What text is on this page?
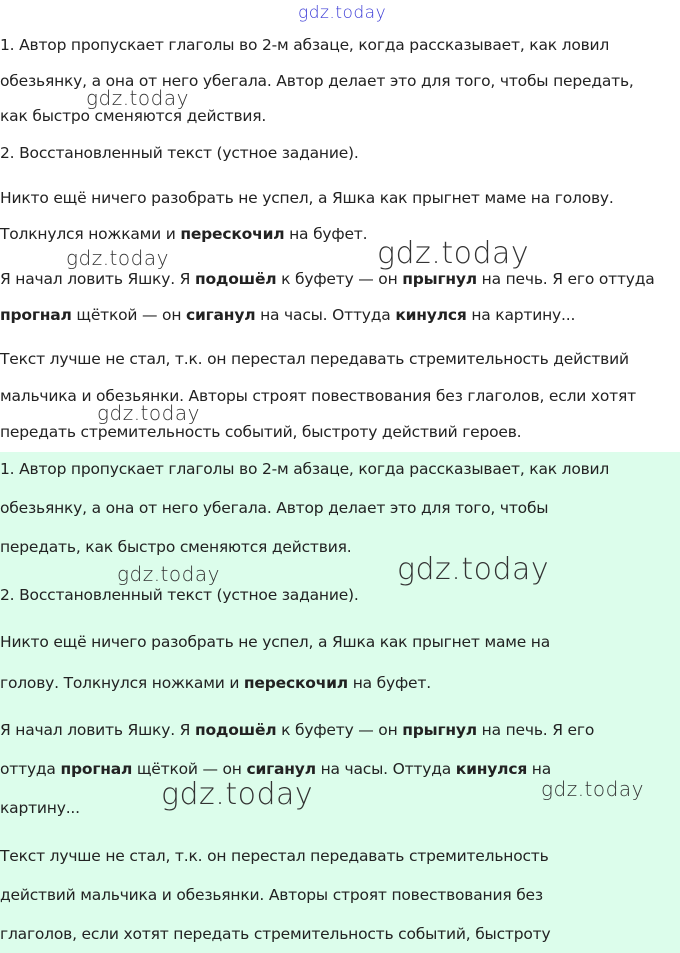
1. Автор пропускает глаголы во 2-м абзаце, когда рассказывает, как ловил
обезьянку, а она от него убегала. Автор делает это для того, чтобы передать,
как быстро сменяются действия.
2. Восстановленный текст (устное задание).
Никто ещё ничего разобрать не успел, а Яшка как прыгнет маме на голову.
Толкнулся ножками и перескочил на буфет.
Я начал ловить Яшку. Я подошёл к буфету — он прыгнул на печь. Я его оттуда
прогнал щёткой — он сиганул на часы. Оттуда кинулся на картину...
Текст лучше не стал, т.к. он перестал передавать стремительность действий
мальчика и обезьянки. Авторы строят повествования без глаголов, если хотят
передать стремительность событий, быстроту действий героев.
1. Автор пропускает глаголы во 2-м абзаце, когда рассказывает, как ловил
обезьянку, а она от него убегала. Автор делает это для того, чтобы
передать, как быстро сменяются действия.
2. Восстановленный текст (устное задание).
Никто ещё ничего разобрать не успел, а Яшка как прыгнет маме на
голову. Толкнулся ножками и перескочил на буфет.
Я начал ловить Яшку. Я подошёл к буфету — он прыгнул на печь. Я его
оттуда прогнал щёткой — он сиганул на часы. Оттуда кинулся на
картину...
Текст лучше не стал, т.к. он перестал передавать стремительность
действий мальчика и обезьянки. Авторы строят повествования без
глаголов, если хотят передать стремительность событий, быстроту
gdz.today
gdz.today
gdz.today	gdz.today
gdz.today
gdz.today	gdz.today
gdz.today	gdz.today
